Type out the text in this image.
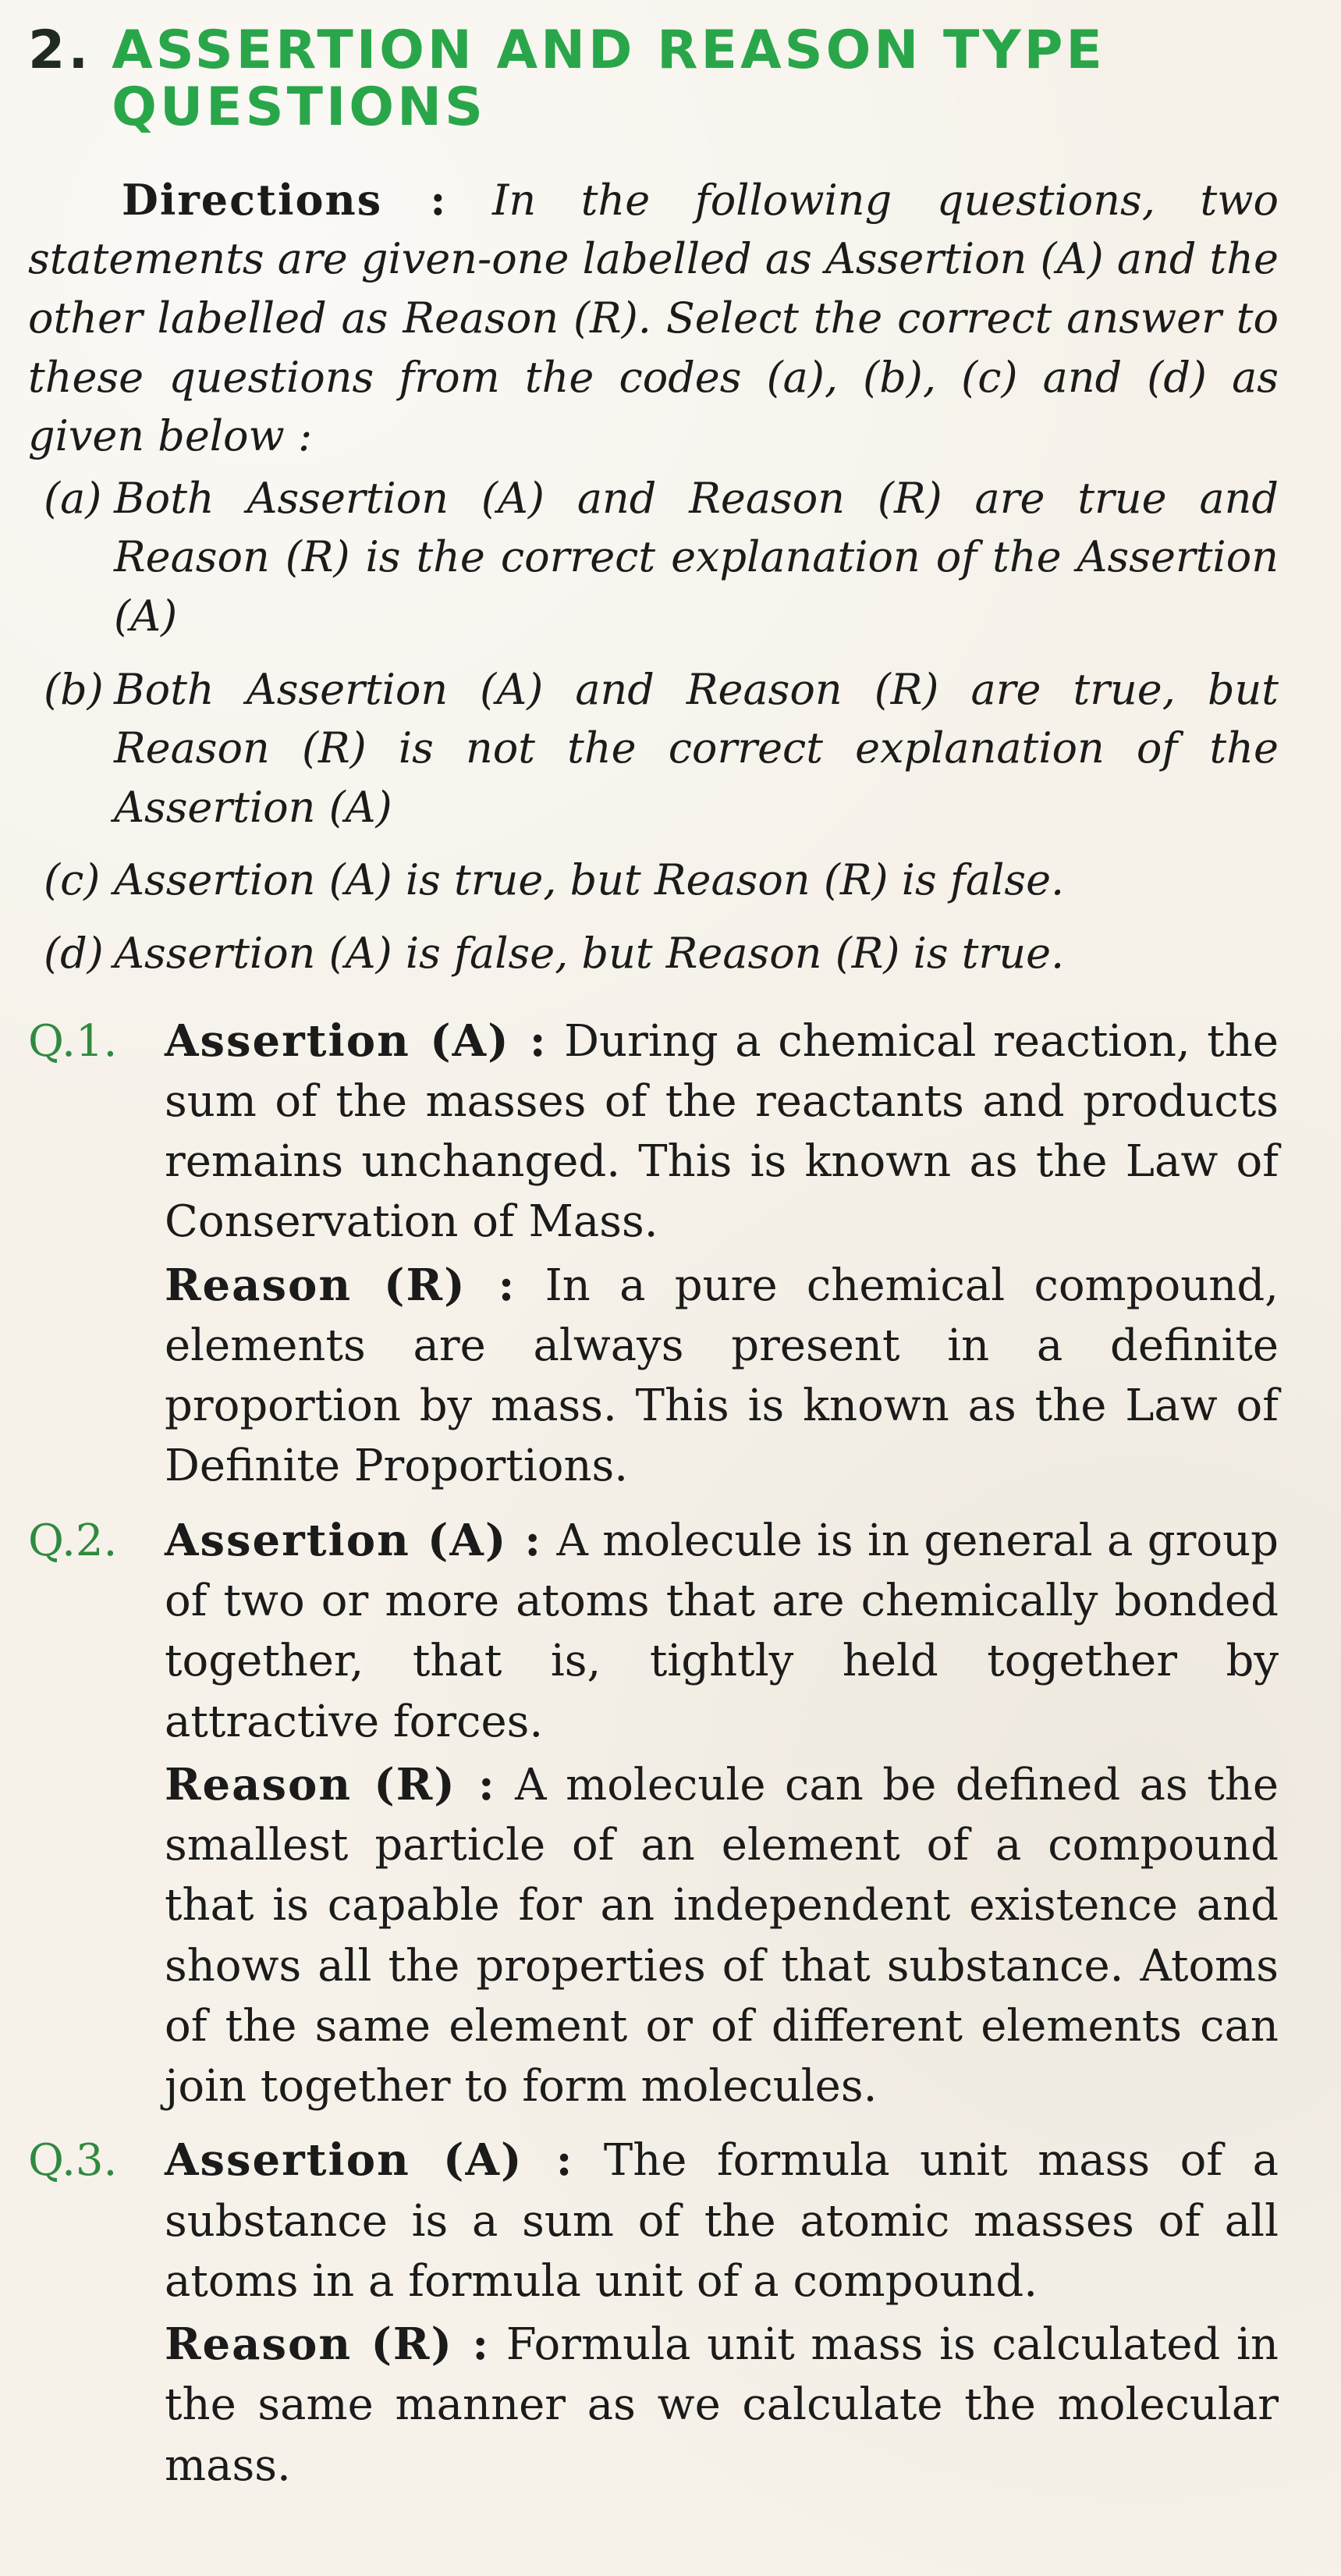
2. ASSERTION AND REASON TYPE QUESTIONS

Directions : In the following questions, two statements are given-one labelled as Assertion (A) and the other labelled as Reason (R). Select the correct answer to these questions from the codes (a), (b), (c) and (d) as given below :

(a) Both Assertion (A) and Reason (R) are true and Reason (R) is the correct explanation of the Assertion (A)
(b) Both Assertion (A) and Reason (R) are true, but Reason (R) is not the correct explanation of the Assertion (A)
(c) Assertion (A) is true, but Reason (R) is false.
(d) Assertion (A) is false, but Reason (R) is true.
Q.1.	Assertion (A) : During a chemical reaction, the sum of the masses of the reactants and products remains unchanged. This is known as the Law of Conservation of Mass.

Reason (R) : In a pure chemical compound, elements are always present in a definite proportion by mass. This is known as the Law of Definite Proportions.

Q.2.	Assertion (A) : A molecule is in general a group of two or more atoms that are chemically bonded together, that is, tightly held together by attractive forces.

Reason (R) : A molecule can be defined as the smallest particle of an element of a compound that is capable for an independent existence and shows all the properties of that substance. Atoms of the same element or of different elements can join together to form molecules.

Q.3.	Assertion (A) : The formula unit mass of a substance is a sum of the atomic masses of all atoms in a formula unit of a compound.

Reason (R) : Formula unit mass is calculated in the same manner as we calculate the molecular mass.
